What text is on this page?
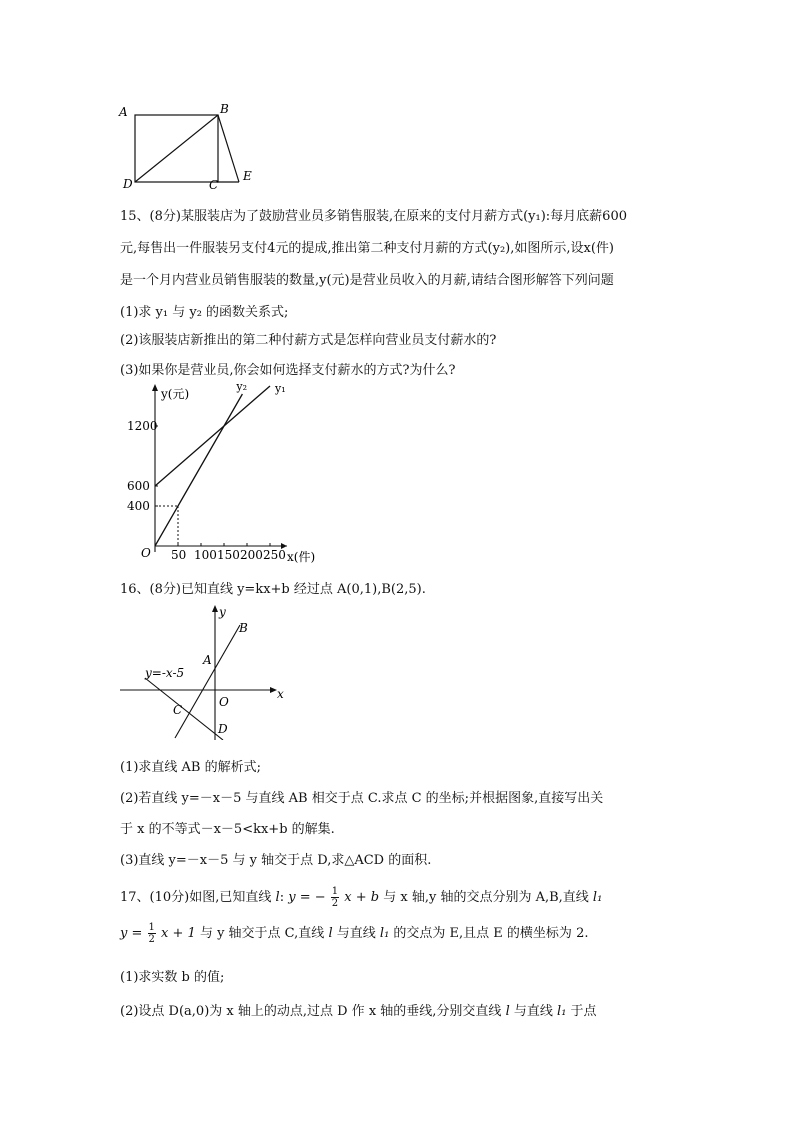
A	B
C
D
E
15、(8分)某服装店为了鼓励营业员多销售服装,在原来的支付月薪方式(y₁):每月底薪600
元,每售出一件服装另支付4元的提成,推出第二种支付月薪的方式(y₂),如图所示,设x(件)
是一个月内营业员销售服装的数量,y(元)是营业员收入的月薪,请结合图形解答下列问题
(1)求 y₁ 与 y₂ 的函数关系式;
(2)该服装店新推出的第二种付薪方式是怎样向营业员支付薪水的?
(3)如果你是营业员,你会如何选择支付薪水的方式?为什么?
50 100 150 200 250
400
600
1200
y₁
y₂
y(元)
x(件)
O
16、(8分)已知直线 y=kx+b 经过点 A(0,1),B(2,5).
y
x
A
B
C
D
O
y=-x-5
(1)求直线 AB 的解析式;
(2)若直线 y=－x－5 与直线 AB 相交于点 C.求点 C 的坐标;并根据图象,直接写出关
于 x 的不等式－x－5<kx+b 的解集.
(3)直线 y=－x－5 与 y 轴交于点 D,求△ACD 的面积.
17、(10分)如图,已知直线 l: y = − $\frac{1}{2}$ x + b 与 x 轴,y 轴的交点分别为 A,B,直线 l₁
$y = \frac{1}{2}$ x + 1 与 y 轴交于点 C,直线 l 与直线 l₁ 的交点为 E,且点 E 的横坐标为 2.
(1)求实数 b 的值;
(2)设点 D(a,0)为 x 轴上的动点,过点 D 作 x 轴的垂线,分别交直线 l 与直线 l₁ 于点
